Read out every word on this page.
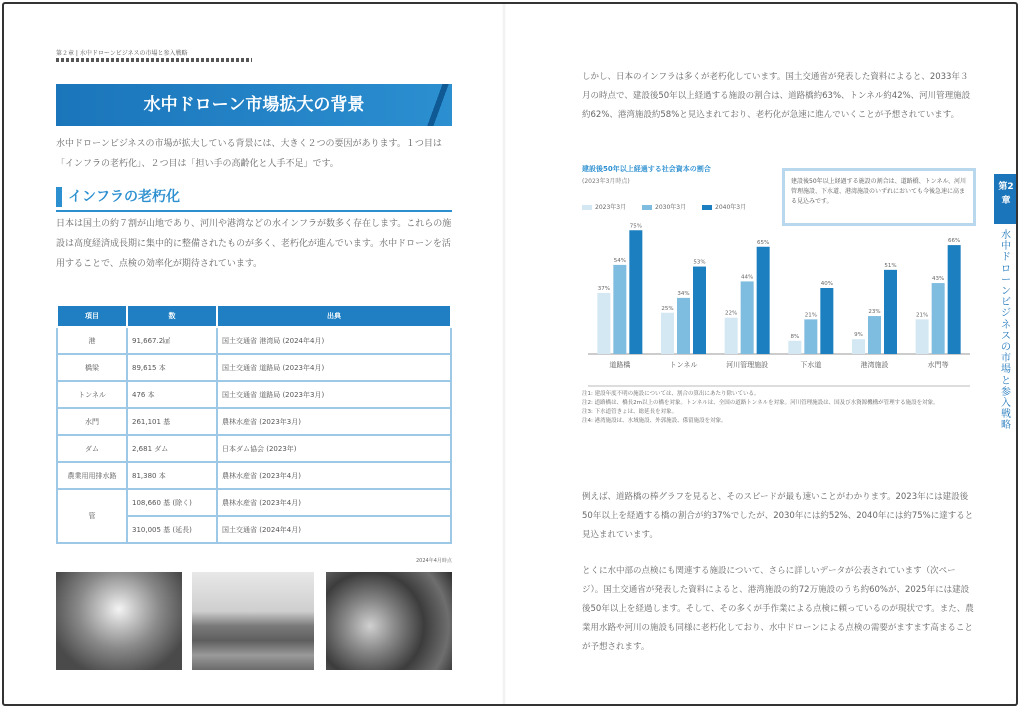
第２章 | 水中ドローンビジネスの市場と参入戦略
水中ドローン市場拡大の背景
水中ドローンビジネスの市場が拡大している背景には、大きく２つの要因があります。１つ目は「インフラの老朽化」、２つ目は「担い手の高齢化と人手不足」です。
インフラの老朽化
日本は国土の約７割が山地であり、河川や港湾などの水インフラが数多く存在します。これらの施設は高度経済成長期に集中的に整備されたものが多く、老朽化が進んでいます。水中ドローンを活用することで、点検の効率化が期待されています。
項目	数	出典
港	91,667.2㎢	国土交通省 港湾局 (2024年4月)
橋梁	89,615 本	国土交通省 道路局 (2023年4月)
トンネル	476 本	国土交通省 道路局 (2023年3月)
水門	261,101 基	農林水産省 (2023年3月)
ダム	2,681 ダム	日本ダム協会 (2023年)
農業用用排水路	81,380 本	農林水産省 (2023年4月)
管	108,660 基 (除く)	農林水産省 (2023年4月)
	310,005 基 (延長)	国土交通省 (2024年4月)
2024年4月時点
しかし、日本のインフラは多くが老朽化しています。国土交通省が発表した資料によると、2033年３月の時点で、建設後50年以上経過する施設の割合は、道路橋約63%、トンネル約42%、河川管理施設約62%、港湾施設約58%と見込まれており、老朽化が急速に進んでいくことが予想されています。
建設後50年以上経過する社会資本の割合
(2023年3月時点)
2023年3月	2030年3月	2040年3月
建設後50年以上経過する施設の割合は、道路橋、トンネル、河川管理施設、下水道、港湾施設のいずれにおいても今後急速に高まる見込みです。
37%
54%
75%
道路橋
25%
34%
53%
トンネル
22%
44%
65%
河川管理施設
8%
21%
40%
下水道
9%
23%
51%
港湾施設
21%
43%
66%
水門等
注1: 建設年度不明の施設については、割合の算出にあたり除いている。
注2: 道路橋は、橋長2m以上の橋を対象。トンネルは、全国の道路トンネルを対象。河川管理施設は、国及び水資源機構が管理する施設を対象。
注3: 下水道管きょは、総延長を対象。
注4: 港湾施設は、水域施設、外郭施設、係留施設を対象。
例えば、道路橋の棒グラフを見ると、そのスピードが最も速いことがわかります。2023年には建設後50年以上を経過する橋の割合が約37%でしたが、2030年には約52%、2040年には約75%に達すると見込まれています。
とくに水中部の点検にも関連する施設について、さらに詳しいデータが公表されています（次ページ）。国土交通省が発表した資料によると、港湾施設の約72万施設のうち約60%が、2025年には建設後50年以上を経過します。そして、その多くが手作業による点検に頼っているのが現状です。また、農業用水路や河川の施設も同様に老朽化しており、水中ドローンによる点検の需要がますます高まることが予想されます。
第2
章
水中ドローンビジネスの市場と参入戦略
